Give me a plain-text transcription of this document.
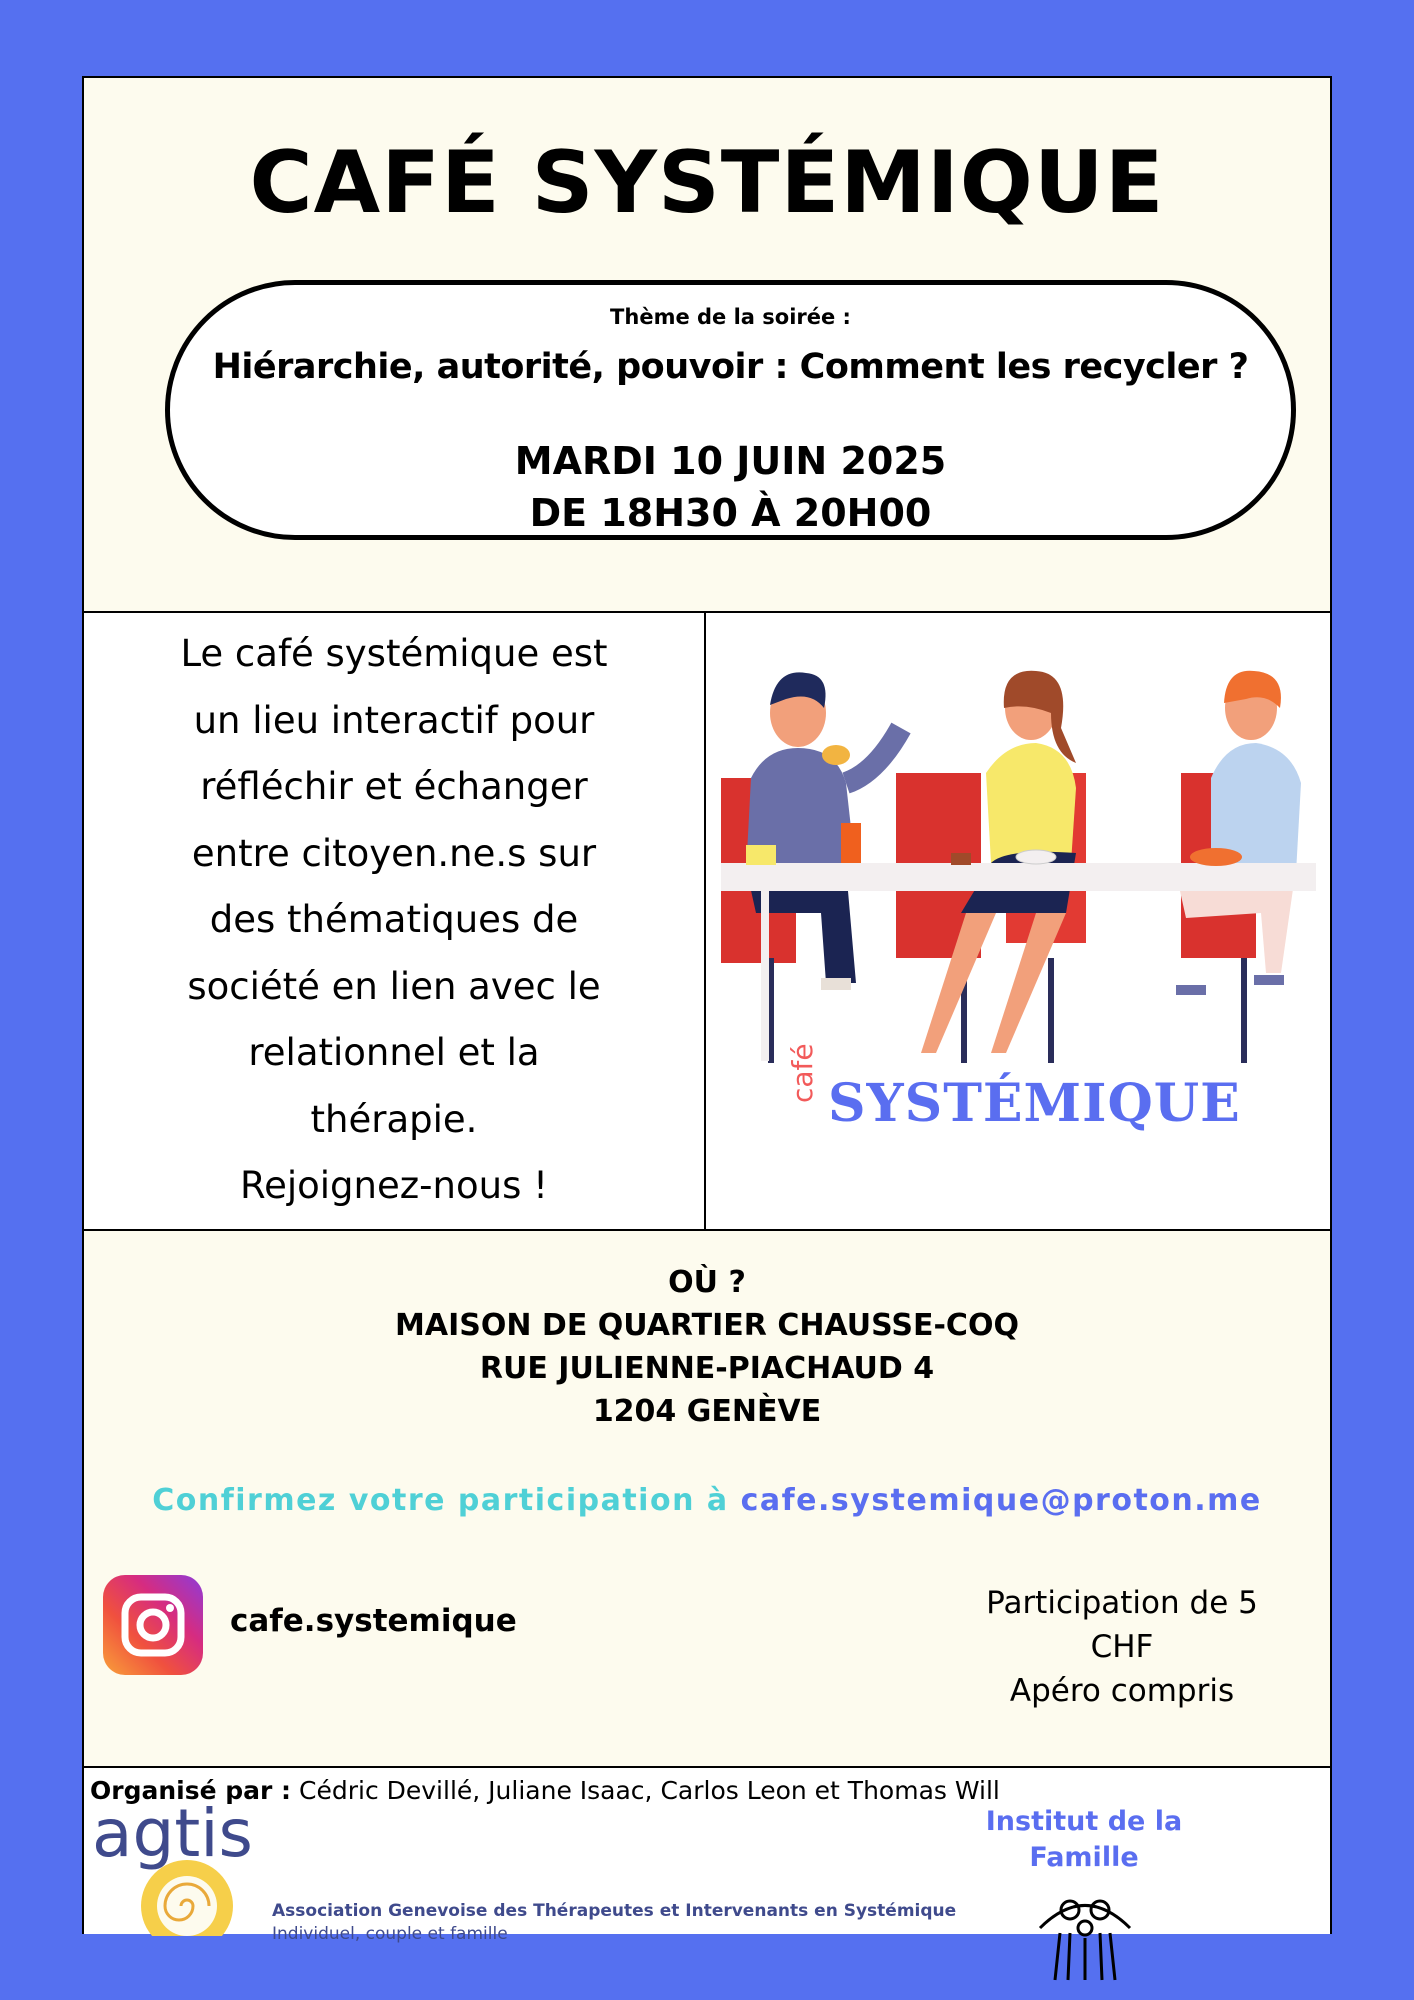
CAFÉ SYSTÉMIQUE
Thème de la soirée :
Hiérarchie, autorité, pouvoir : Comment les recycler ?
MARDI 10 JUIN 2025
DE 18H30 À 20H00
Le café systémique est
un lieu interactif pour
réfléchir et échanger
entre citoyen.ne.s sur
des thématiques de
société en lien avec le
relationnel et la
thérapie.
Rejoignez-nous !
café SYSTÉMIQUE
OÙ ?
MAISON DE QUARTIER CHAUSSE-COQ
RUE JULIENNE-PIACHAUD 4
1204 GENÈVE
Confirmez votre participation à cafe.systemique@proton.me
cafe.systemique	Participation de 5 CHF
Apéro compris
Organisé par : Cédric Devillé, Juliane Isaac, Carlos Leon et Thomas Will
agtis
Association Genevoise des Thérapeutes et Intervenants en Systémique
Individuel, couple et famille
Institut de la
Famille
